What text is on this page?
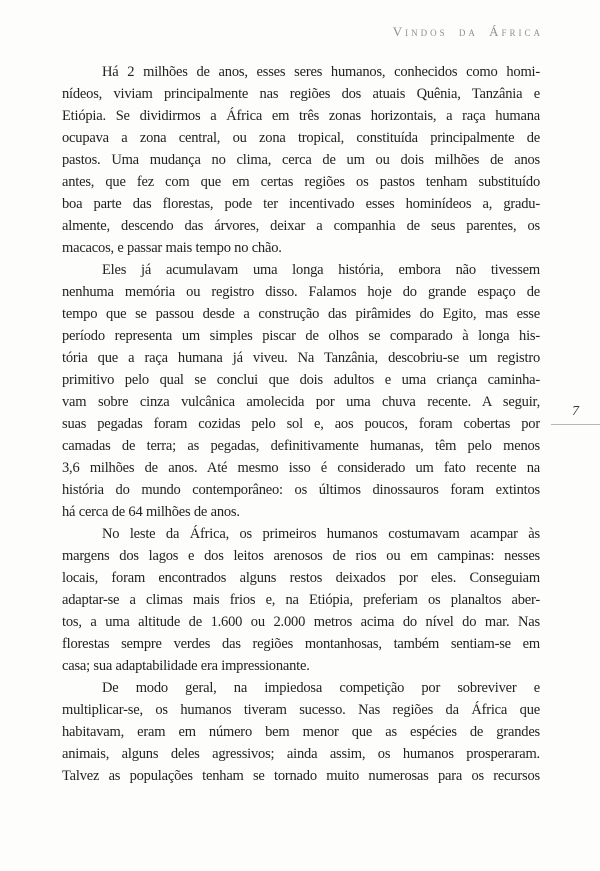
Vindos da África
Há 2 milhões de anos, esses seres humanos, conhecidos como homi-
nídeos, viviam principalmente nas regiões dos atuais Quênia, Tanzânia e
Etiópia. Se dividirmos a África em três zonas horizontais, a raça humana
ocupava a zona central, ou zona tropical, constituída principalmente de
pastos. Uma mudança no clima, cerca de um ou dois milhões de anos
antes, que fez com que em certas regiões os pastos tenham substituído
boa parte das florestas, pode ter incentivado esses hominídeos a, gradu-
almente, descendo das árvores, deixar a companhia de seus parentes, os
macacos, e passar mais tempo no chão.
Eles já acumulavam uma longa história, embora não tivessem
nenhuma memória ou registro disso. Falamos hoje do grande espaço de
tempo que se passou desde a construção das pirâmides do Egito, mas esse
período representa um simples piscar de olhos se comparado à longa his-
tória que a raça humana já viveu. Na Tanzânia, descobriu-se um registro
primitivo pelo qual se conclui que dois adultos e uma criança caminha-
vam sobre cinza vulcânica amolecida por uma chuva recente. A seguir,
suas pegadas foram cozidas pelo sol e, aos poucos, foram cobertas por
camadas de terra; as pegadas, definitivamente humanas, têm pelo menos
3,6 milhões de anos. Até mesmo isso é considerado um fato recente na
história do mundo contemporâneo: os últimos dinossauros foram extintos
há cerca de 64 milhões de anos.
No leste da África, os primeiros humanos costumavam acampar às
margens dos lagos e dos leitos arenosos de rios ou em campinas: nesses
locais, foram encontrados alguns restos deixados por eles. Conseguiam
adaptar-se a climas mais frios e, na Etiópia, preferiam os planaltos aber-
tos, a uma altitude de 1.600 ou 2.000 metros acima do nível do mar. Nas
florestas sempre verdes das regiões montanhosas, também sentiam-se em
casa; sua adaptabilidade era impressionante.
De modo geral, na impiedosa competição por sobreviver e
multiplicar-se, os humanos tiveram sucesso. Nas regiões da África que
habitavam, eram em número bem menor que as espécies de grandes
animais, alguns deles agressivos; ainda assim, os humanos prosperaram.
Talvez as populações tenham se tornado muito numerosas para os recursos
7
